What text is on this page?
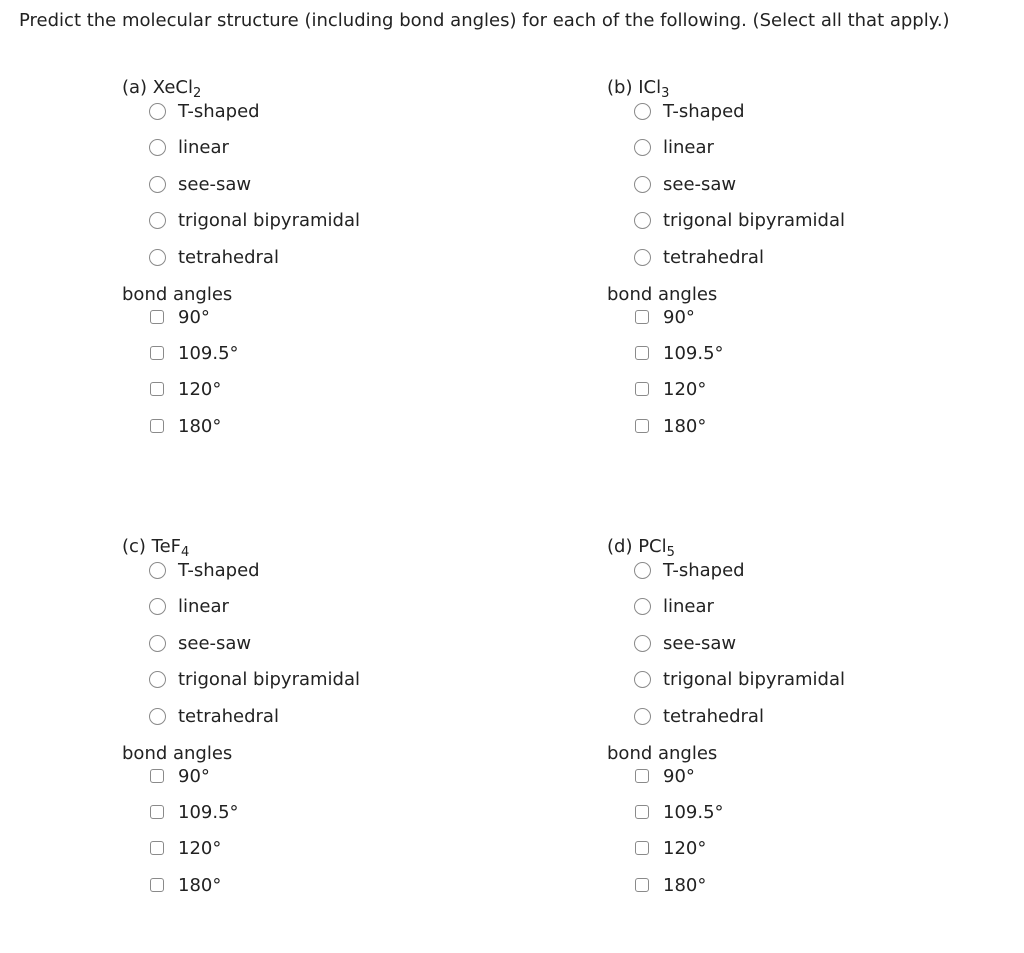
Predict the molecular structure (including bond angles) for each of the following. (Select all that apply.)
(a) XeCl$_2$
T-shaped
linear
see-saw
trigonal bipyramidal
tetrahedral
bond angles
90°
109.5°
120°
180°
(b) ICl$_3$
T-shaped
linear
see-saw
trigonal bipyramidal
tetrahedral
bond angles
90°
109.5°
120°
180°
(c) TeF$_4$
T-shaped
linear
see-saw
trigonal bipyramidal
tetrahedral
bond angles
90°
109.5°
120°
180°
(d) PCl$_5$
T-shaped
linear
see-saw
trigonal bipyramidal
tetrahedral
bond angles
90°
109.5°
120°
180°
